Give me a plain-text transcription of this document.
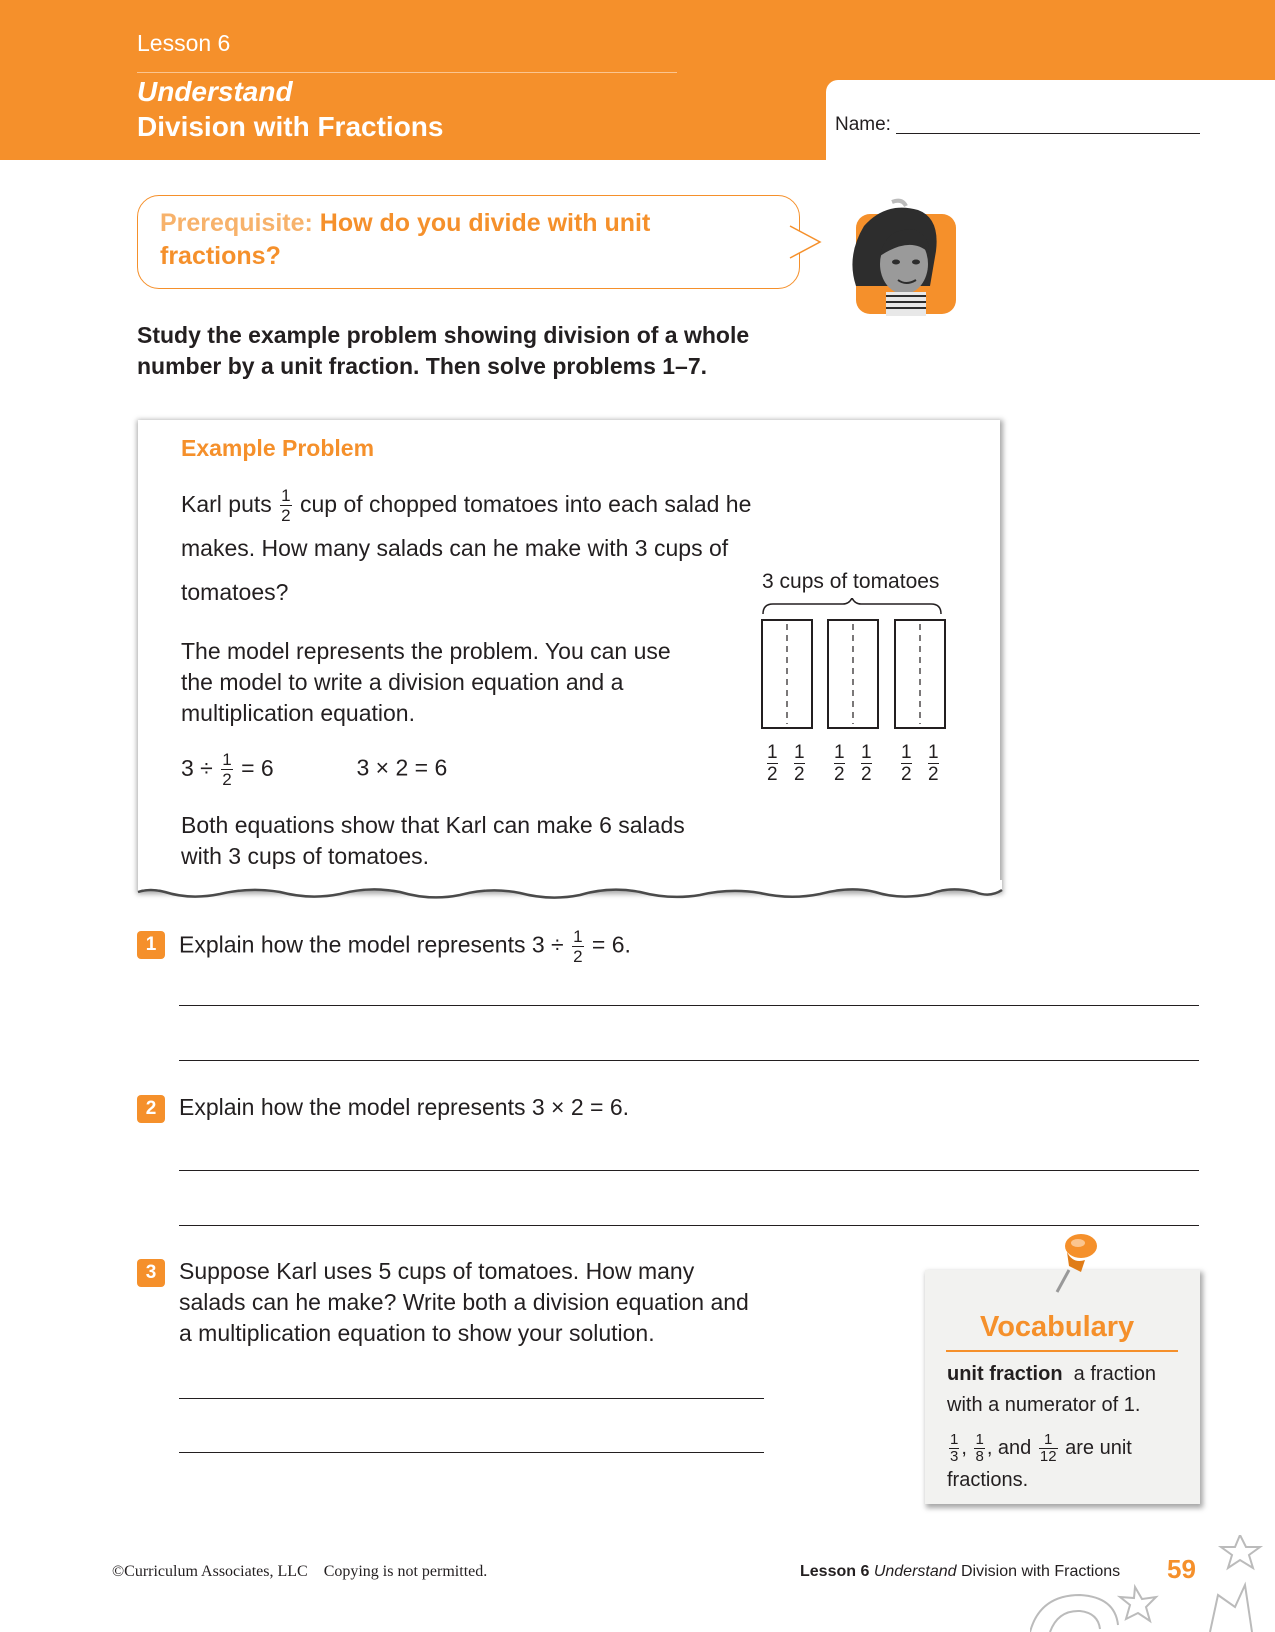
Lesson 6
Understand
Division with Fractions	Name:
Prerequisite: How do you divide with unit fractions?
Study the example problem showing division of a whole number by a unit fraction. Then solve problems 1–7.
Example Problem
Karl puts $\frac{1}{2}$ cup of chopped tomatoes into each salad he makes. How many salads can he make with 3 cups of tomatoes?
The model represents the problem. You can use the model to write a division equation and a multiplication equation.
$3 \div \frac{1}{2} = 6$	3 × 2 = 6
Both equations show that Karl can make 6 salads with 3 cups of tomatoes.
3 cups of tomatoes
$\frac{1}{2} \frac{1}{2} \frac{1}{2} \frac{1}{2} \frac{1}{2} \frac{1}{2}$
1 Explain how the model represents $3 \div \frac{1}{2} = 6$.
2 Explain how the model represents 3 × 2 = 6.
3 Suppose Karl uses 5 cups of tomatoes. How many salads can he make? Write both a division equation and a multiplication equation to show your solution.	Vocabulary
unit fraction a fraction with a numerator of 1.
$\frac{1}{3}$ , $\frac{1}{8}$ , and $\frac{1}{12}$ are unit fractions.
©Curriculum Associates, LLC    Copying is not permitted.	Lesson 6 Understand Division with Fractions 59
